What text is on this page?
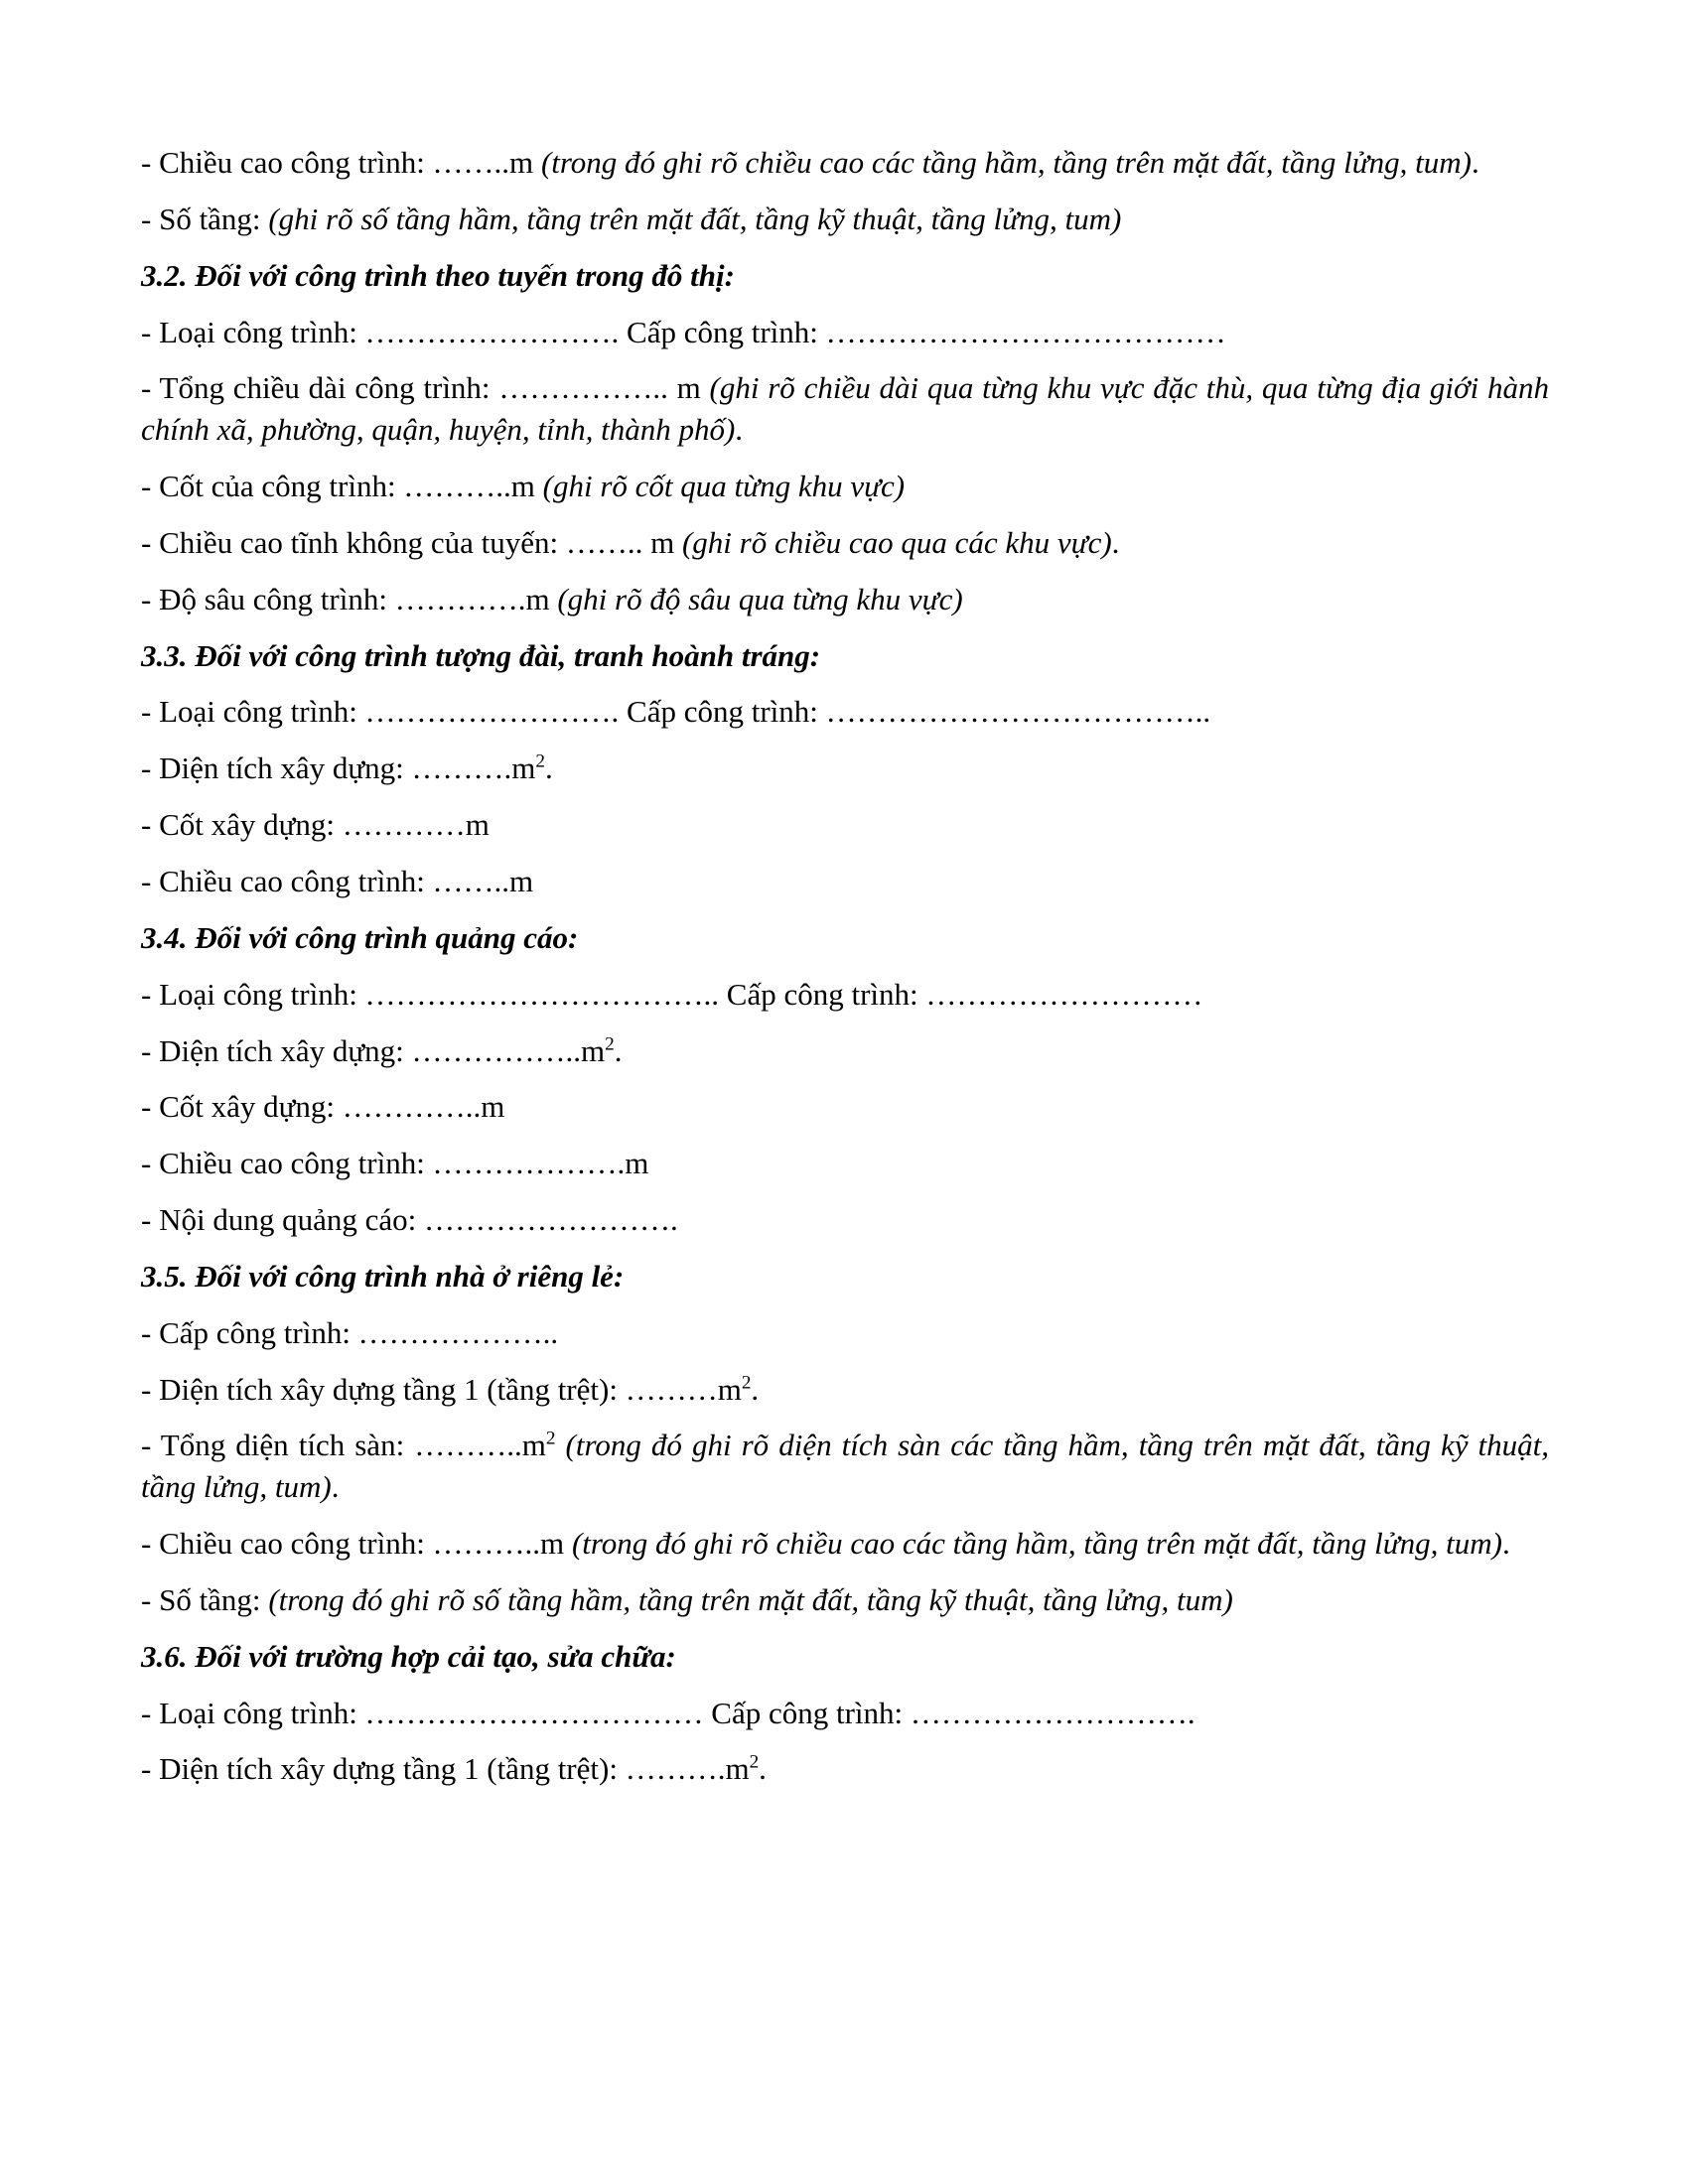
- Chiều cao công trình: ……..m (trong đó ghi rõ chiều cao các tầng hầm, tầng trên mặt đất, tầng lửng, tum).

- Số tầng: (ghi rõ số tầng hầm, tầng trên mặt đất, tầng kỹ thuật, tầng lửng, tum)

3.2. Đối với công trình theo tuyến trong đô thị:

- Loại công trình: ……………………. Cấp công trình: …………………………………

- Tổng chiều dài công trình: …………….. m (ghi rõ chiều dài qua từng khu vực đặc thù, qua từng địa giới hành chính xã, phường, quận, huyện, tỉnh, thành phố).

- Cốt của công trình: ………..m (ghi rõ cốt qua từng khu vực)

- Chiều cao tĩnh không của tuyến: …….. m (ghi rõ chiều cao qua các khu vực).

- Độ sâu công trình: ………….m (ghi rõ độ sâu qua từng khu vực)

3.3. Đối với công trình tượng đài, tranh hoành tráng:

- Loại công trình: ……………………. Cấp công trình: ………………………………..

- Diện tích xây dựng: $\dots\dots\dots.m^2$.

- Cốt xây dựng: …………m

- Chiều cao công trình: ……..m

3.4. Đối với công trình quảng cáo:

- Loại công trình: …………………………….. Cấp công trình: ………………………

- Diện tích xây dựng: $\dots\dots\dots\dots\dots..m^2$.

- Cốt xây dựng: …………..m

- Chiều cao công trình: ……………….m

- Nội dung quảng cáo: …………………….

3.5. Đối với công trình nhà ở riêng lẻ:

- Cấp công trình: ………………..

- Diện tích xây dựng tầng 1 (tầng trệt): $\dots\dots\dots m^2$.

- Tổng diện tích sàn: $\dots\dots\dots..m^2$ (trong đó ghi rõ diện tích sàn các tầng hầm, tầng trên mặt đất, tầng kỹ thuật, tầng lửng, tum).

- Chiều cao công trình: ………..m (trong đó ghi rõ chiều cao các tầng hầm, tầng trên mặt đất, tầng lửng, tum).

- Số tầng: (trong đó ghi rõ số tầng hầm, tầng trên mặt đất, tầng kỹ thuật, tầng lửng, tum)

3.6. Đối với trường hợp cải tạo, sửa chữa:

- Loại công trình: …………………………… Cấp công trình: ……………………….

- Diện tích xây dựng tầng 1 (tầng trệt): $\dots\dots\dots.m^2$.
